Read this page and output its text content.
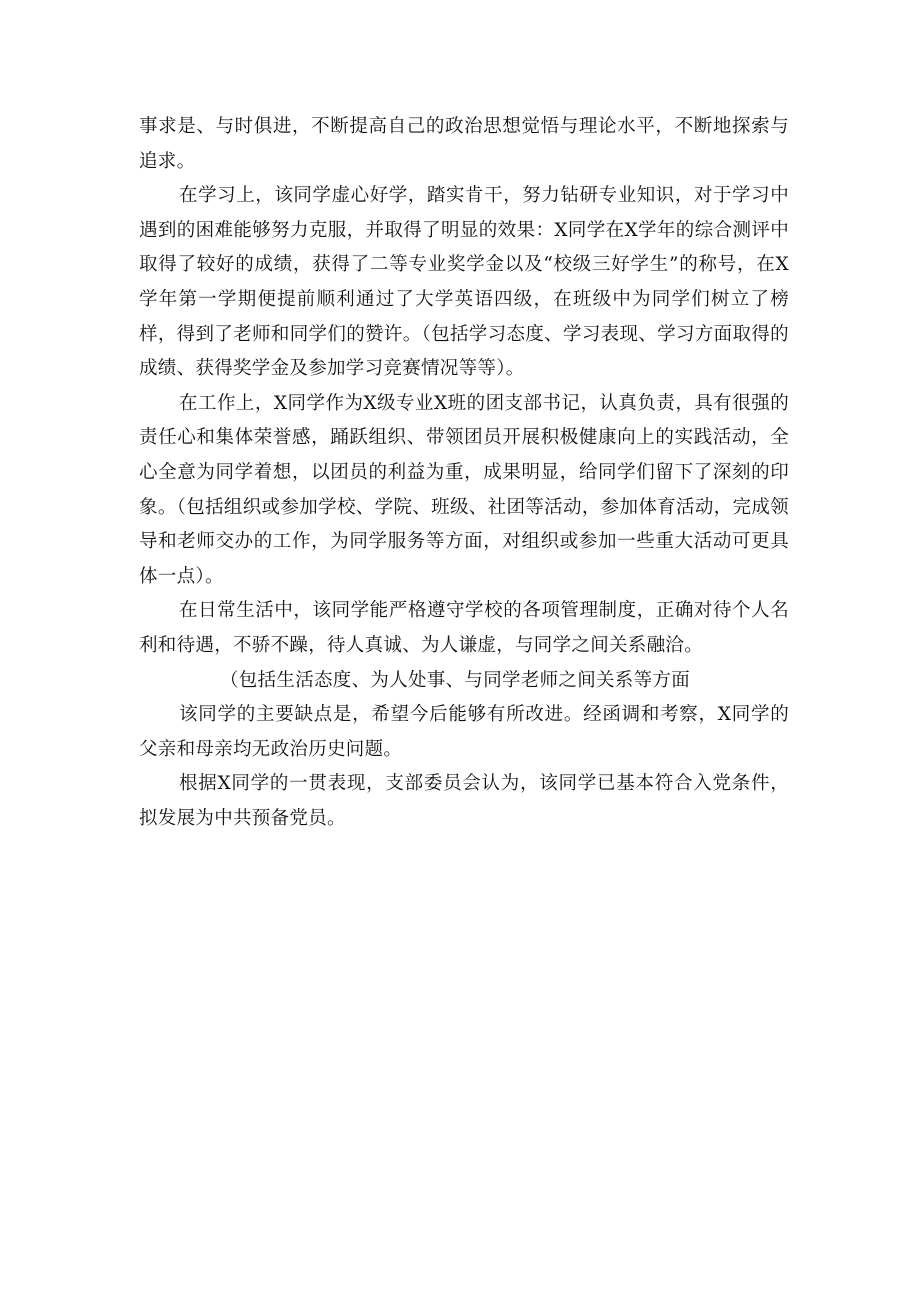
事求是、与时俱进，不断提高自己的政治思想觉悟与理论水平，不断地探索与追求。

在学习上，该同学虚心好学，踏实肯干，努力钻研专业知识，对于学习中遇到的困难能够努力克服，并取得了明显的效果：X同学在X学年的综合测评中取得了较好的成绩，获得了二等专业奖学金以及“校级三好学生”的称号，在X学年第一学期便提前顺利通过了大学英语四级，在班级中为同学们树立了榜样，得到了老师和同学们的赞许。（包括学习态度、学习表现、学习方面取得的成绩、获得奖学金及参加学习竞赛情况等等）。

在工作上，X同学作为X级专业X班的团支部书记，认真负责，具有很强的责任心和集体荣誉感，踊跃组织、带领团员开展积极健康向上的实践活动，全心全意为同学着想，以团员的利益为重，成果明显，给同学们留下了深刻的印象。（包括组织或参加学校、学院、班级、社团等活动，参加体育活动，完成领导和老师交办的工作，为同学服务等方面，对组织或参加一些重大活动可更具体一点）。

在日常生活中，该同学能严格遵守学校的各项管理制度，正确对待个人名利和待遇，不骄不躁，待人真诚、为人谦虚，与同学之间关系融洽。

（包括生活态度、为人处事、与同学老师之间关系等方面

该同学的主要缺点是，希望今后能够有所改进。经函调和考察，X同学的父亲和母亲均无政治历史问题。

根据X同学的一贯表现，支部委员会认为，该同学已基本符合入党条件，拟发展为中共预备党员。
